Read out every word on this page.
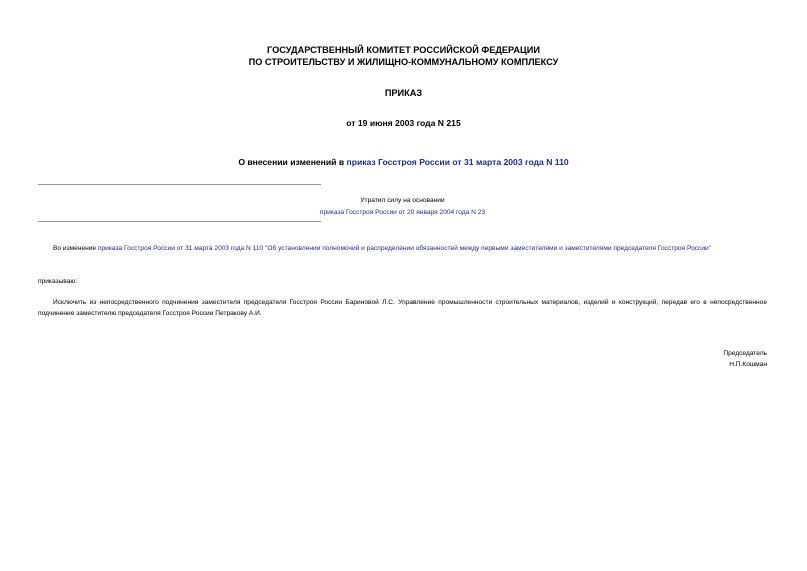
ГОСУДАРСТВЕННЫЙ КОМИТЕТ РОССИЙСКОЙ ФЕДЕРАЦИИ
ПО СТРОИТЕЛЬСТВУ И ЖИЛИЩНО-КОММУНАЛЬНОМУ КОМПЛЕКСУ
ПРИКАЗ
от 19 июня 2003 года N 215
О внесении изменений в приказ Госстроя России от 31 марта 2003 года N 110
Утратил силу на основании
приказа Госстроя России от 20 января 2004 года N 23
Во изменение приказа Госстроя России от 31 марта 2003 года N 110 "Об установлении полномочий и распределении обязанностей между первыми заместителями и заместителями председателя Госстроя России"
приказываю:
Исключить из непосредственного подчинения заместителя председателя Госстроя России Бариновой Л.С. Управление промышленности строительных материалов, изделий и конструкций, передав его в непосредственное подчинение заместителю председателя Госстроя России Петракову А.И.
Председатель
Н.П.Кошман
